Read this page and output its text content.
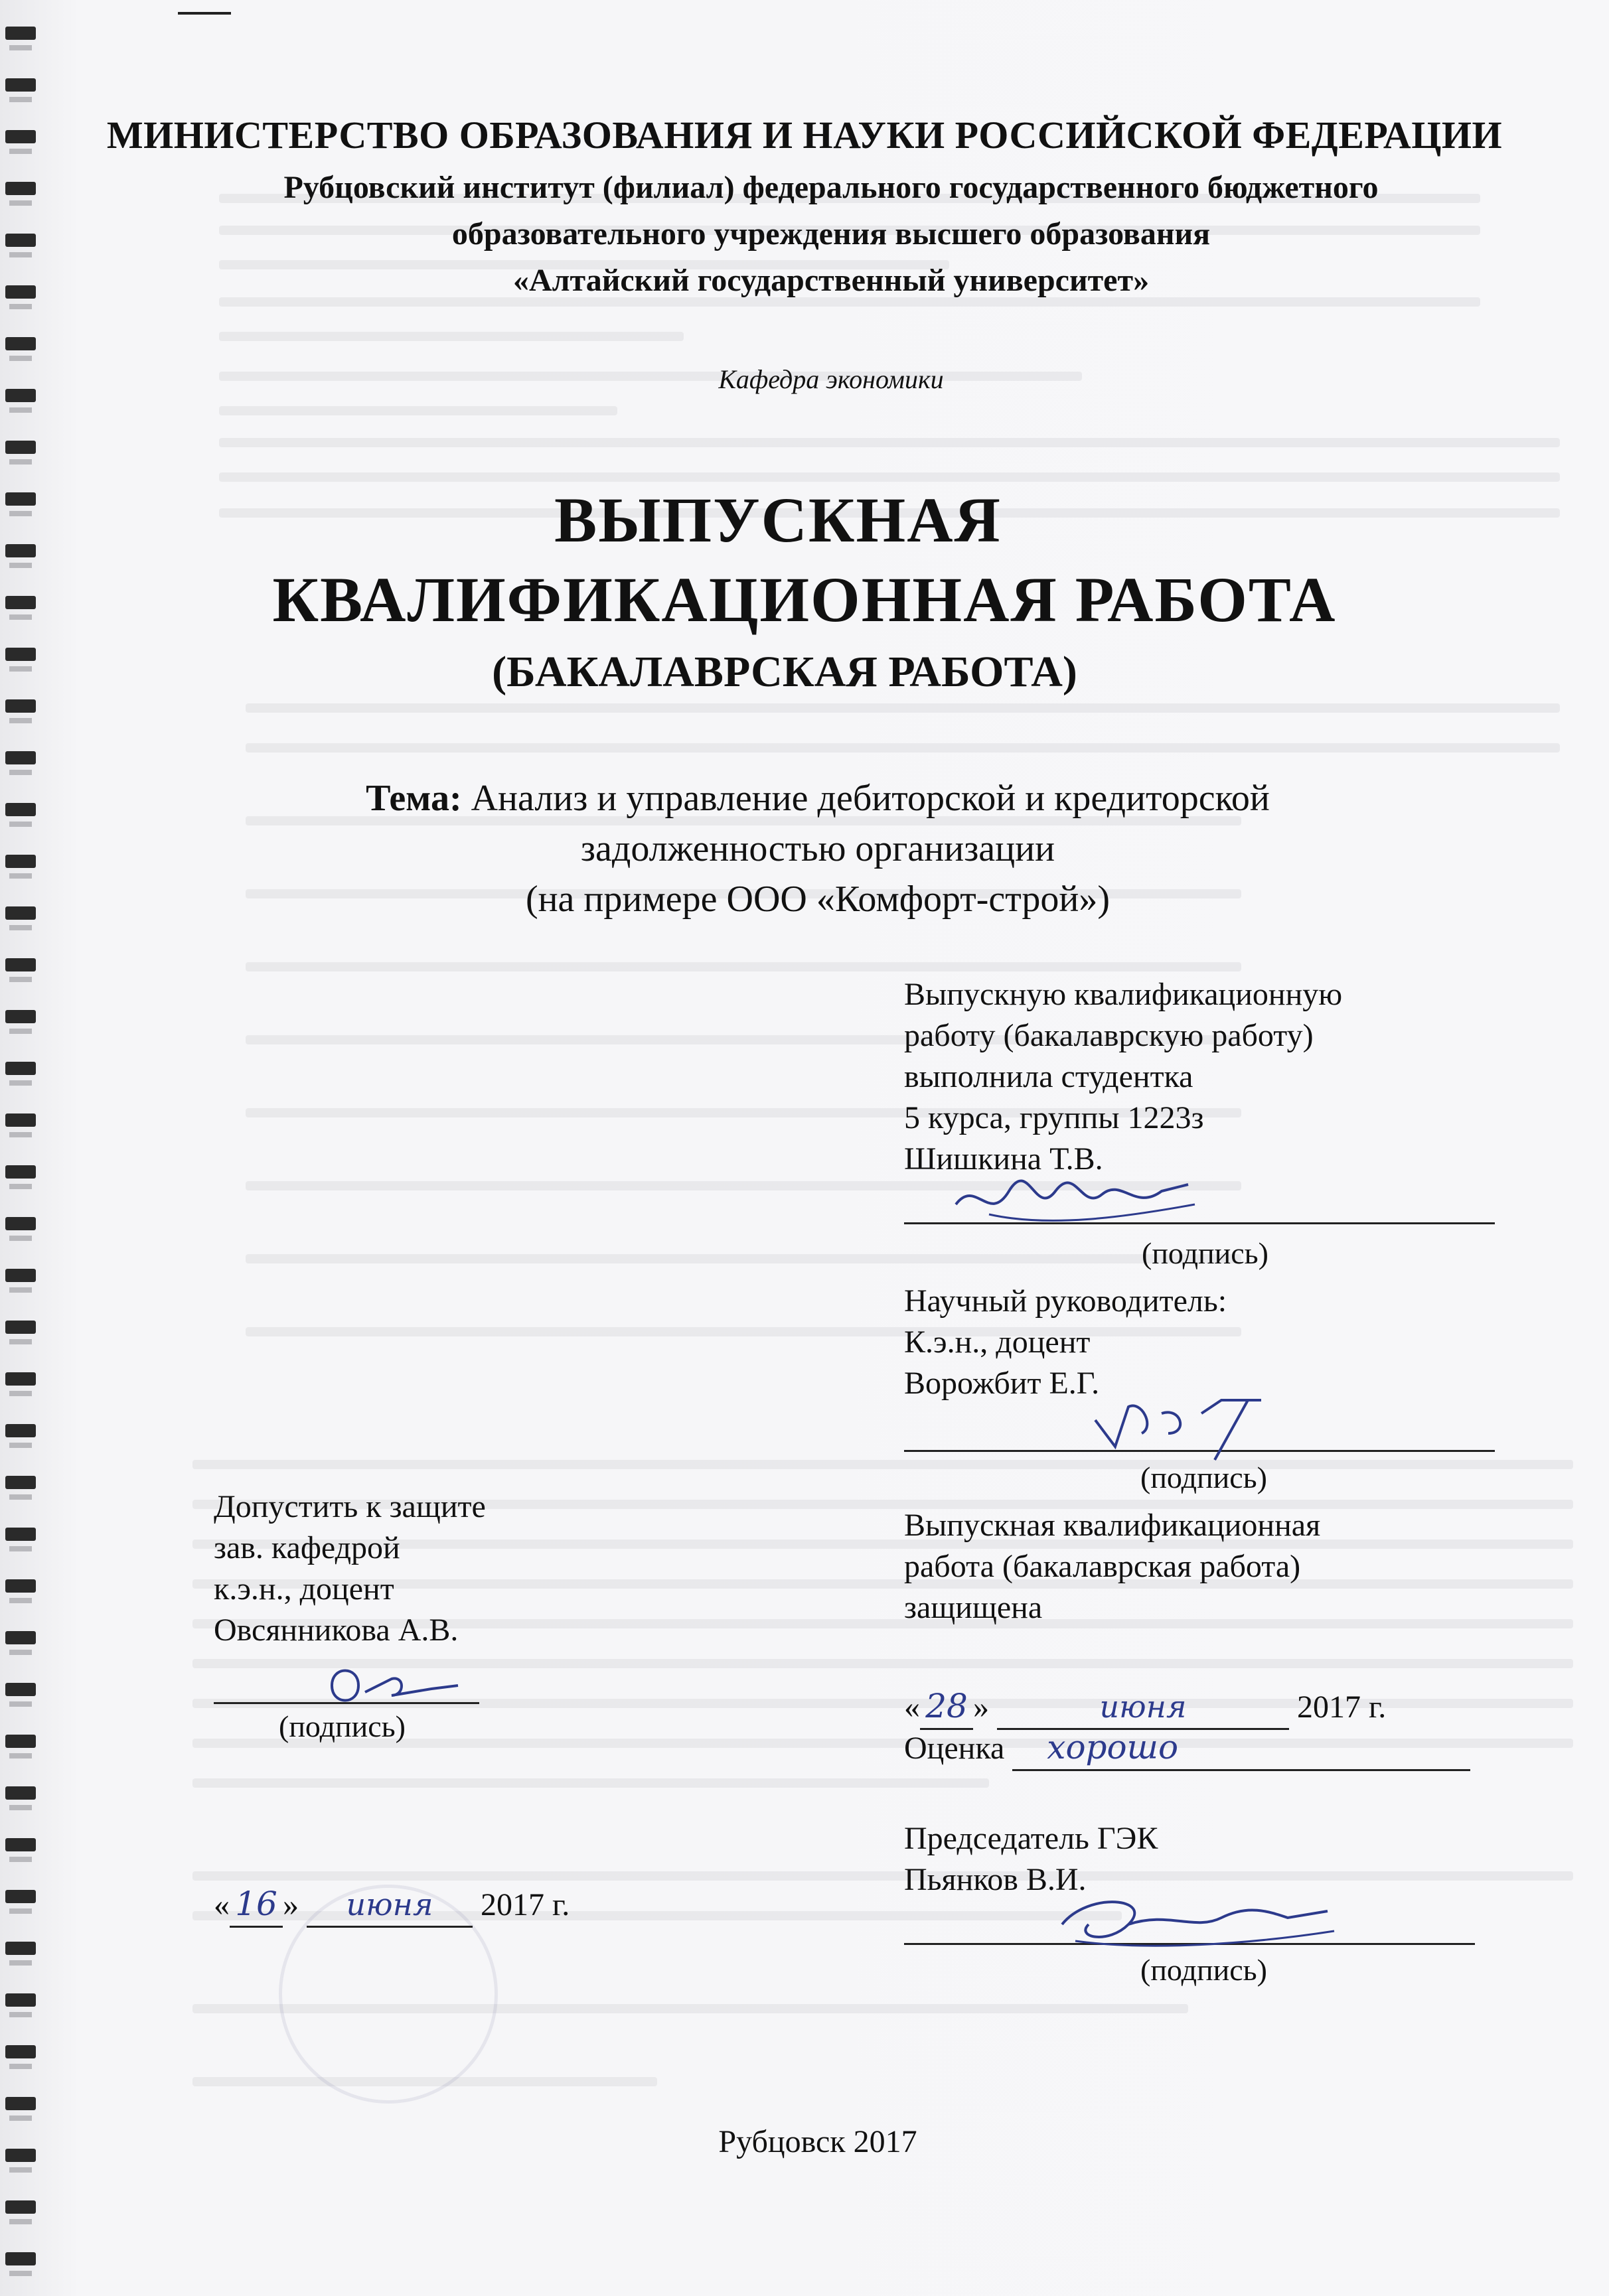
МИНИСТЕРСТВО ОБРАЗОВАНИЯ И НАУКИ РОССИЙСКОЙ ФЕДЕРАЦИИ
Рубцовский институт (филиал) федерального государственного бюджетного
образовательного учреждения высшего образования
«Алтайский государственный университет»
Кафедра экономики
ВЫПУСКНАЯ
КВАЛИФИКАЦИОННАЯ РАБОТА
(БАКАЛАВРСКАЯ РАБОТА)
Тема: Анализ и управление дебиторской и кредиторской
задолженностью организации
(на примере ООО «Комфорт-строй»)
Выпускную квалификационную
работу (бакалаврскую работу)
выполнила студентка
5 курса, группы 1223з
Шишкина Т.В.
(подпись)
Научный руководитель:
К.э.н., доцент
Ворожбит Е.Г.
(подпись)
Допустить к защите
зав. кафедрой
к.э.н., доцент
Овсянникова А.В.
(подпись)
« 16 » июня 2017 г.
Выпускная квалификационная
работа (бакалаврская работа)
защищена
« 28 »	июня	2017 г.
Оценка хорошо
Председатель ГЭК
Пьянков В.И.
(подпись)
Рубцовск 2017
